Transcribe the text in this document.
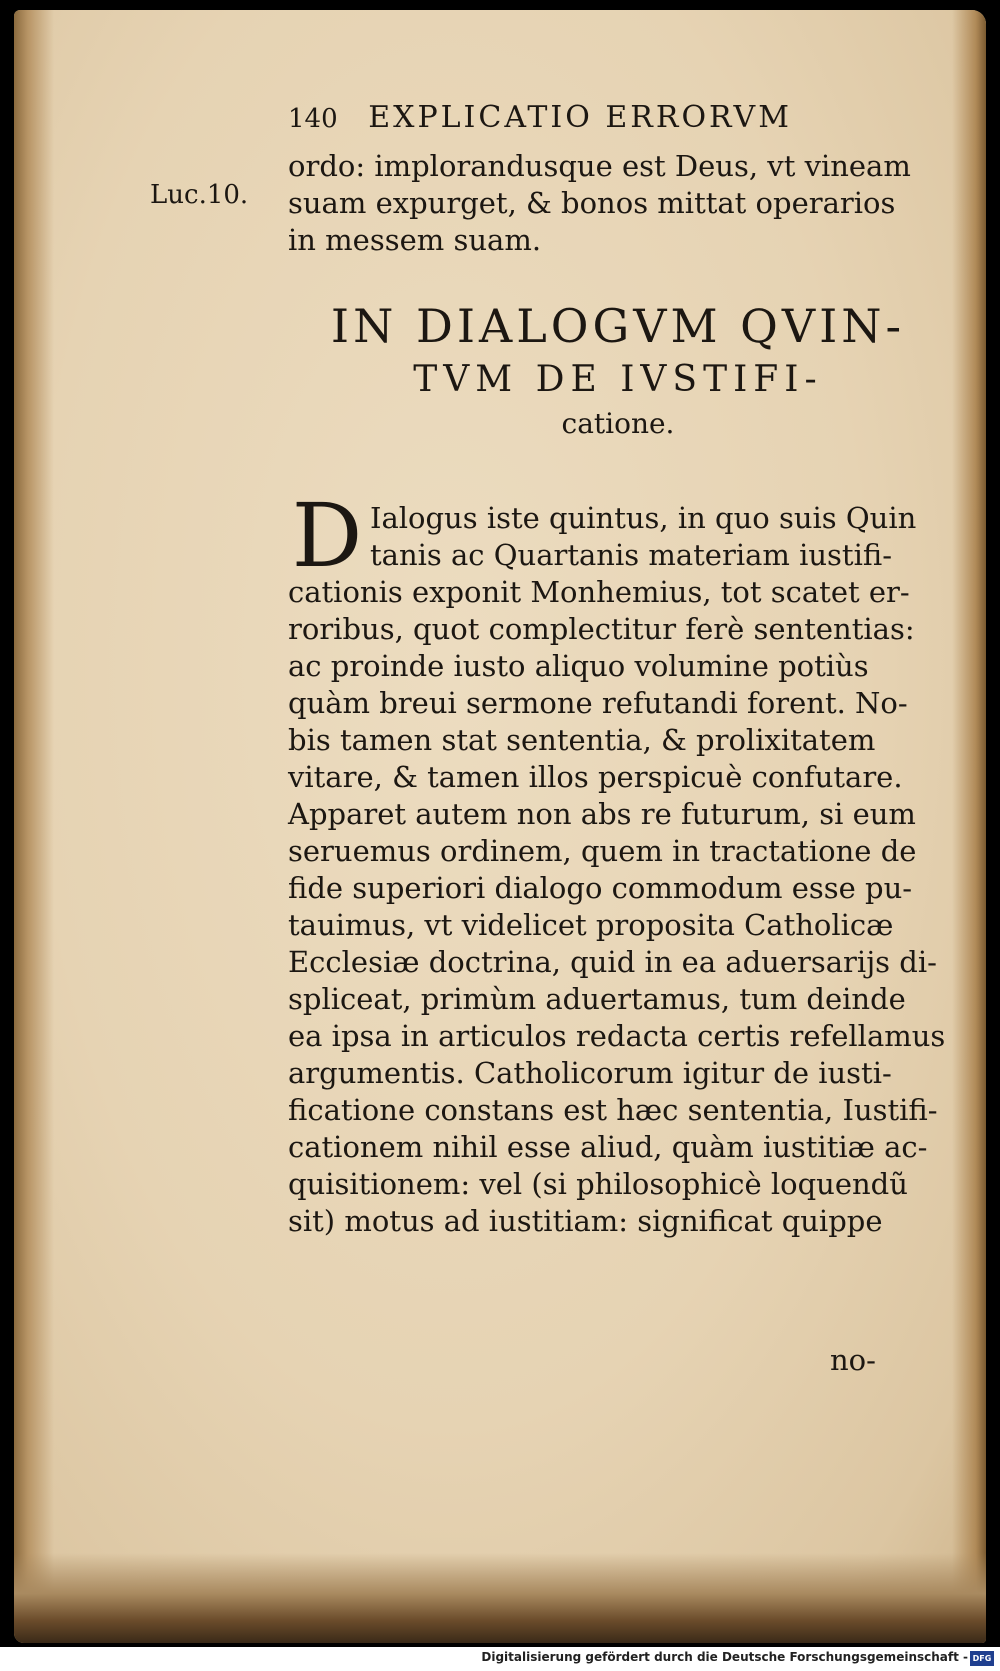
140 EXPLICATIO ERRORVM
Luc.10.
ordo: implorandusque est Deus, vt vineam
suam expurget, & bonos mittat operarios
in messem suam.
IN DIALOGVM QVIN-
TVM DE IVSTIFI-
catione.
D Ialogus iste quintus, in quo suis Quin
tanis ac Quartanis materiam iustifi-
cationis exponit Monhemius, tot scatet er-
roribus, quot complectitur ferè sententias:
ac proinde iusto aliquo volumine potiùs
quàm breui sermone refutandi forent. No-
bis tamen stat sententia, & prolixitatem
vitare, & tamen illos perspicuè confutare.
Apparet autem non abs re futurum, si eum
seruemus ordinem, quem in tractatione de
fide superiori dialogo commodum esse pu-
tauimus, vt videlicet proposita Catholicæ
Ecclesiæ doctrina, quid in ea aduersarijs di-
spliceat, primùm aduertamus, tum deinde
ea ipsa in articulos redacta certis refellamus
argumentis. Catholicorum igitur de iusti-
ficatione constans est hæc sententia, Iustifi-
cationem nihil esse aliud, quàm iustitiæ ac-
quisitionem: vel (si philosophicè loquendũ
sit) motus ad iustitiam: significat quippe
no-
Digitalisierung gefördert durch die Deutsche Forschungsgemeinschaft - DFG
